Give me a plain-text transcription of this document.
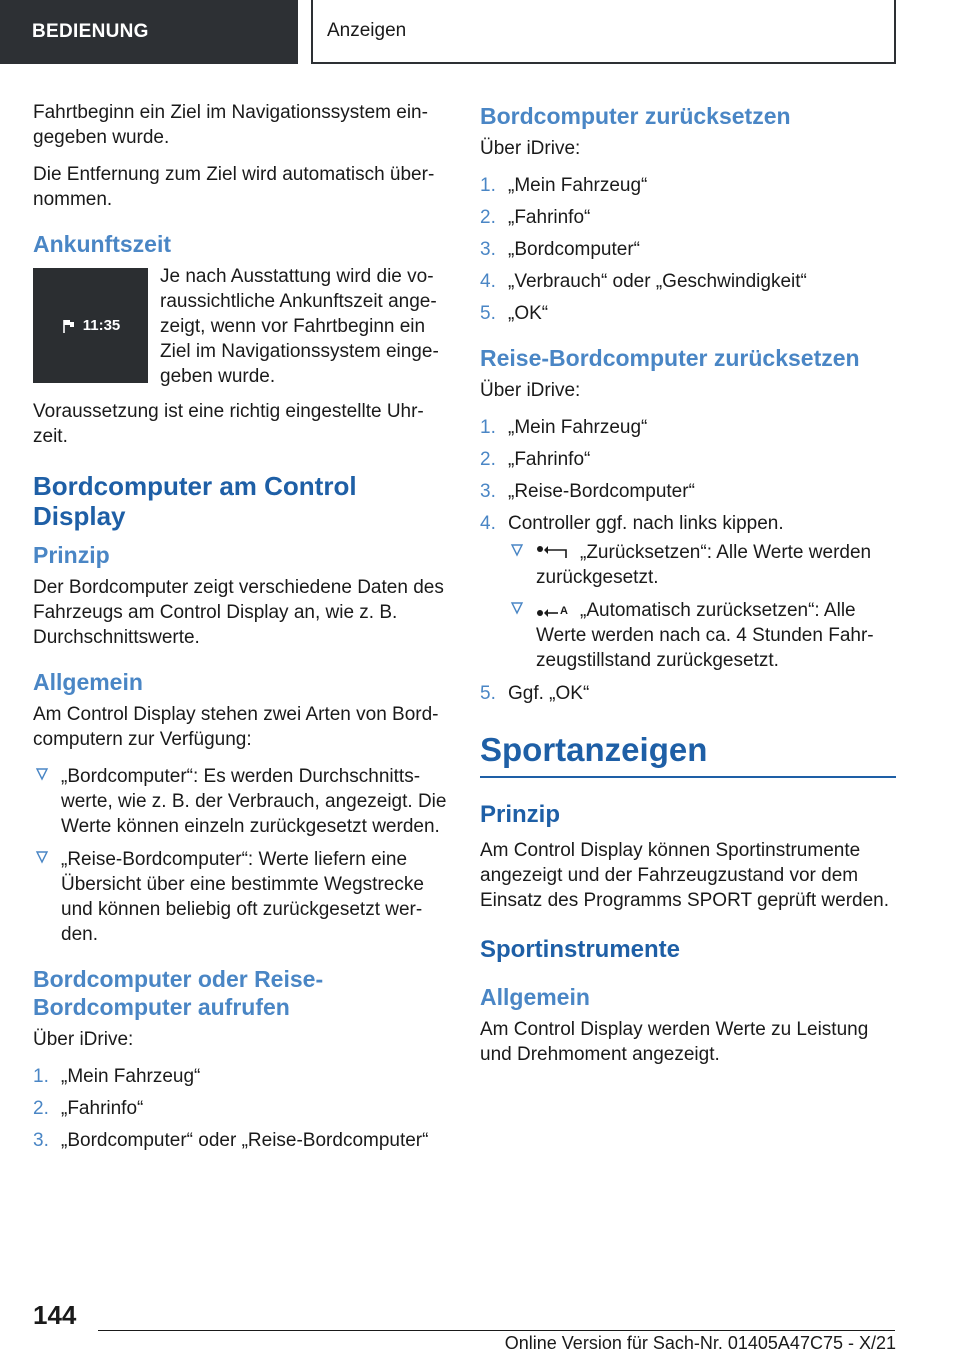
BEDIENUNG	Anzeigen

Fahrtbeginn ein Ziel im Navigationssystem ein-gegeben wurde.

Die Entfernung zum Ziel wird automatisch über-nommen.

Ankunftszeit
11:35
Je nach Ausstattung wird die vo-raussichtliche Ankunftszeit ange-zeigt, wenn vor Fahrtbeginn ein Ziel im Navigationssystem einge-geben wurde.

Voraussetzung ist eine richtig eingestellte Uhr-zeit.

Bordcomputer am Control Display
Prinzip

Der Bordcomputer zeigt verschiedene Daten des Fahrzeugs am Control Display an, wie z. B. Durchschnittswerte.

Allgemein

Am Control Display stehen zwei Arten von Bord-computern zur Verfügung:

„Bordcomputer“: Es werden Durchschnitts-werte, wie z. B. der Verbrauch, angezeigt. Die Werte können einzeln zurückgesetzt werden.
„Reise-Bordcomputer“: Werte liefern eine Übersicht über eine bestimmte Wegstrecke und können beliebig oft zurückgesetzt wer-den.
Bordcomputer oder Reise-Bordcomputer aufrufen

Über iDrive:

1. „Mein Fahrzeug“
2. „Fahrinfo“
3. „Bordcomputer“ oder „Reise-Bordcomputer“
Bordcomputer zurücksetzen

Über iDrive:

1. „Mein Fahrzeug“
2. „Fahrinfo“
3. „Bordcomputer“
4. „Verbrauch“ oder „Geschwindigkeit“
5. „OK“
Reise-Bordcomputer zurücksetzen

Über iDrive:

1. „Mein Fahrzeug“
2. „Fahrinfo“
3. „Reise-Bordcomputer“
4. Controller ggf. nach links kippen.
„Zurücksetzen“: Alle Werte werden zurückgesetzt.
A „Automatisch zurücksetzen“: Alle Werte werden nach ca. 4 Stunden Fahr-zeugstillstand zurückgesetzt.
5. Ggf. „OK“
Sportanzeigen
Prinzip

Am Control Display können Sportinstrumente angezeigt und der Fahrzeugzustand vor dem Einsatz des Programms SPORT geprüft werden.

Sportinstrumente
Allgemein

Am Control Display werden Werte zu Leistung und Drehmoment angezeigt.

144
Online Version für Sach-Nr. 01405A47C75 - X/21
